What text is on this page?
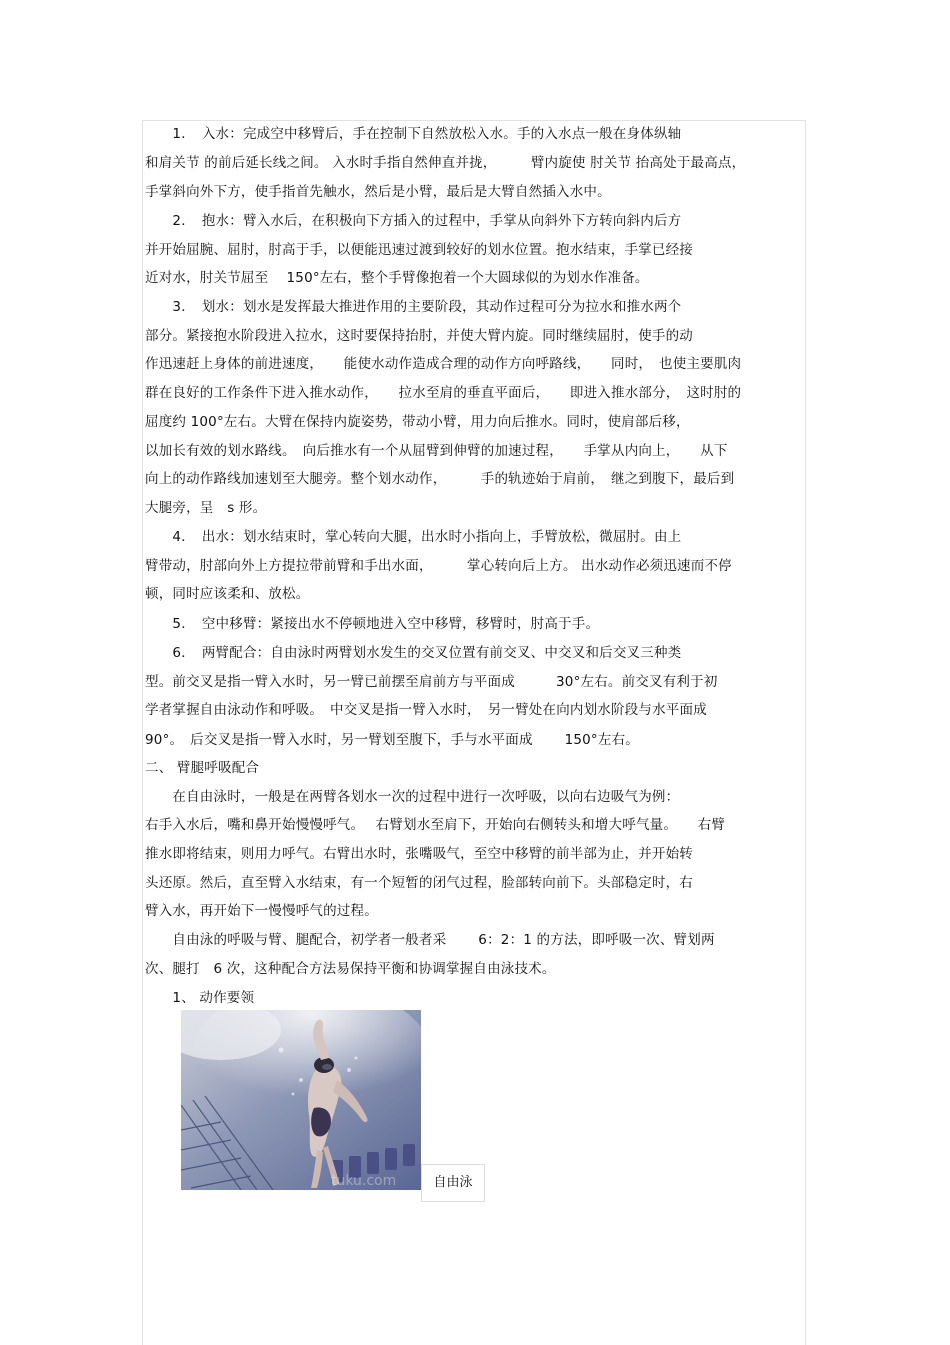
　　1．　入水：完成空中移臂后，手在控制下自然放松入水。手的入水点一般在身体纵轴
和肩关节 的前后延长线之间。 入水时手指自然伸直并拢，　　　臂内旋使 肘关节 抬高处于最高点，
手掌斜向外下方，使手指首先触水，然后是小臂，最后是大臂自然插入水中。
　　2．　抱水：臂入水后，在积极向下方插入的过程中，手掌从向斜外下方转向斜内后方
并开始屈腕、屈肘，肘高于手，以便能迅速过渡到较好的划水位置。抱水结束，手掌已经接
近对水，肘关节屈至　 150°左右，整个手臂像抱着一个大圆球似的为划水作准备。
　　3．　划水：划水是发挥最大推进作用的主要阶段，其动作过程可分为拉水和推水两个
部分。紧接抱水阶段进入拉水，这时要保持抬肘，并使大臂内旋。同时继续屈肘，使手的动
作迅速赶上身体的前进速度，　　能使水动作造成合理的动作方向呼路线，　　同时，　也使主要肌肉
群在良好的工作条件下进入推水动作，　　拉水至肩的垂直平面后，　　即进入推水部分，　这时肘的
屈度约 100°左右。大臂在保持内旋姿势，带动小臂，用力向后推水。同时，使肩部后移，
以加长有效的划水路线。　向后推水有一个从屈臂到伸臂的加速过程，　　手掌从内向上，　　从下
向上的动作路线加速划至大腿旁。整个划水动作，　　　手的轨迹始于肩前，　继之到腹下，最后到
大腿旁，呈　s 形。
　　4．　出水：划水结束时，掌心转向大腿，出水时小指向上，手臂放松，微屈肘。由上
臂带动，肘部向外上方提拉带前臂和手出水面，　　　掌心转向后上方。 出水动作必须迅速而不停
顿，同时应该柔和、放松。
　　5．　空中移臂：紧接出水不停顿地进入空中移臂，移臂时，肘高于手。
　　6．　两臂配合：自由泳时两臂划水发生的交叉位置有前交叉、中交叉和后交叉三种类
型。前交叉是指一臂入水时，另一臂已前摆至肩前方与平面成　　　30°左右。前交叉有利于初
学者掌握自由泳动作和呼吸。　中交叉是指一臂入水时，　另一臂处在向内划水阶段与水平面成
90°。　后交叉是指一臂入水时，另一臂划至腹下，手与水平面成　　 150°左右。
二、 臂腿呼吸配合
　　在自由泳时，一般是在两臂各划水一次的过程中进行一次呼吸，以向右边吸气为例：
右手入水后，嘴和鼻开始慢慢呼气。　 右臂划水至肩下，开始向右侧转头和增大呼气量。　　右臂
推水即将结束，则用力呼气。右臂出水时，张嘴吸气，至空中移臂的前半部为止，并开始转
头还原。然后，直至臂入水结束，有一个短暂的闭气过程，脸部转向前下。头部稳定时，右
臂入水，再开始下一慢慢呼气的过程。
　　自由泳的呼吸与臂、腿配合，初学者一般者采　　 6：2：1 的方法，即呼吸一次、臂划两
次、腿打　6 次，这种配合方法易保持平衡和协调掌握自由泳技术。
　　1、 动作要领
tuku.com	自由泳
